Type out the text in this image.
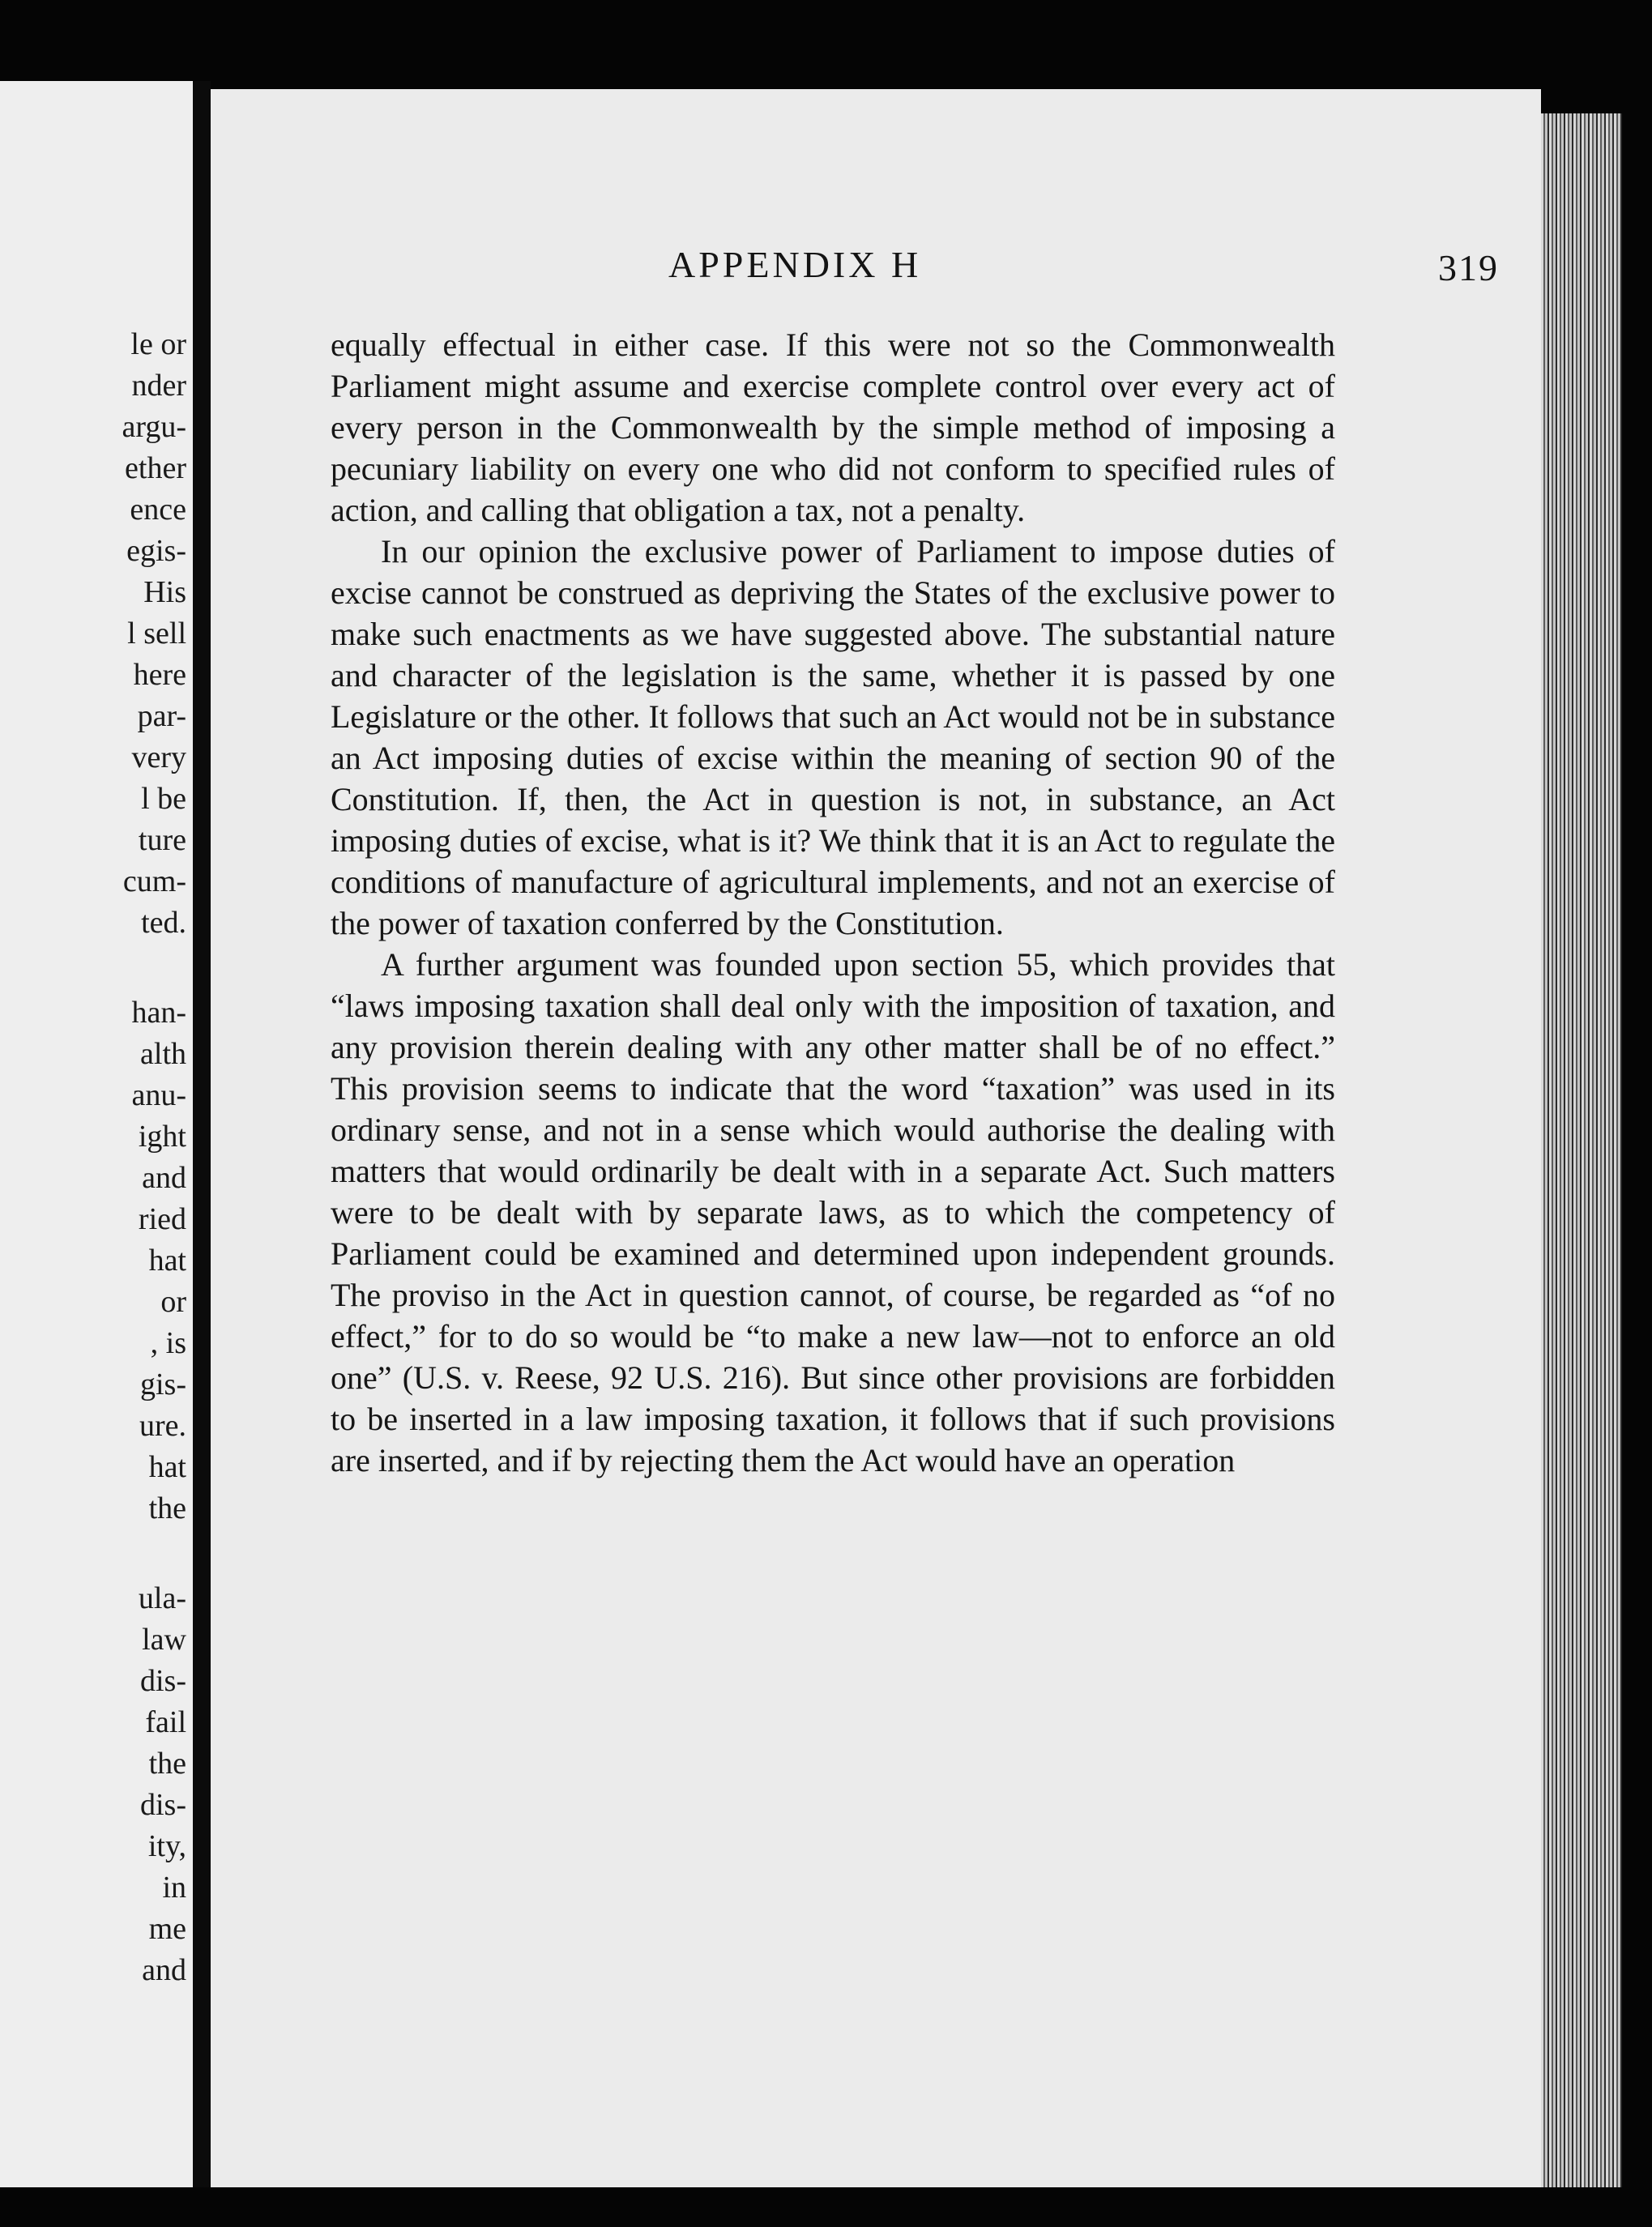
le or
nder
argu-
ether
ence
egis-
His
l sell
here
par-
very
l be
ture
cum-
ted.
han-
alth
anu-
ight
and
ried
hat
or
, is
gis-
ure.
hat
the
ula-
law
dis-
fail
the
dis-
ity,
in
me
and
APPENDIX H	319

equally effectual in either case. If this were not so the Commonwealth Parliament might assume and exercise complete control over every act of every person in the Commonwealth by the simple method of imposing a pecuniary liability on every one who did not conform to specified rules of action, and calling that obligation a tax, not a penalty.

In our opinion the exclusive power of Parliament to impose duties of excise cannot be construed as depriving the States of the exclusive power to make such enactments as we have suggested above. The substantial nature and character of the legislation is the same, whether it is passed by one Legislature or the other. It follows that such an Act would not be in substance an Act imposing duties of excise within the meaning of section 90 of the Constitution. If, then, the Act in question is not, in substance, an Act imposing duties of excise, what is it? We think that it is an Act to regulate the conditions of manufacture of agricultural implements, and not an exercise of the power of taxation conferred by the Constitution.

A further argument was founded upon section 55, which provides that “laws imposing taxation shall deal only with the imposition of taxation, and any provision therein dealing with any other matter shall be of no effect.” This provision seems to indicate that the word “taxation” was used in its ordinary sense, and not in a sense which would authorise the dealing with matters that would ordinarily be dealt with in a separate Act. Such matters were to be dealt with by separate laws, as to which the competency of Parliament could be examined and determined upon independent grounds. The proviso in the Act in question cannot, of course, be regarded as “of no effect,” for to do so would be “to make a new law—not to enforce an old one” (U.S. v. Reese, 92 U.S. 216). But since other provisions are forbidden to be inserted in a law imposing taxation, it follows that if such provisions are inserted, and if by rejecting them the Act would have an operation
